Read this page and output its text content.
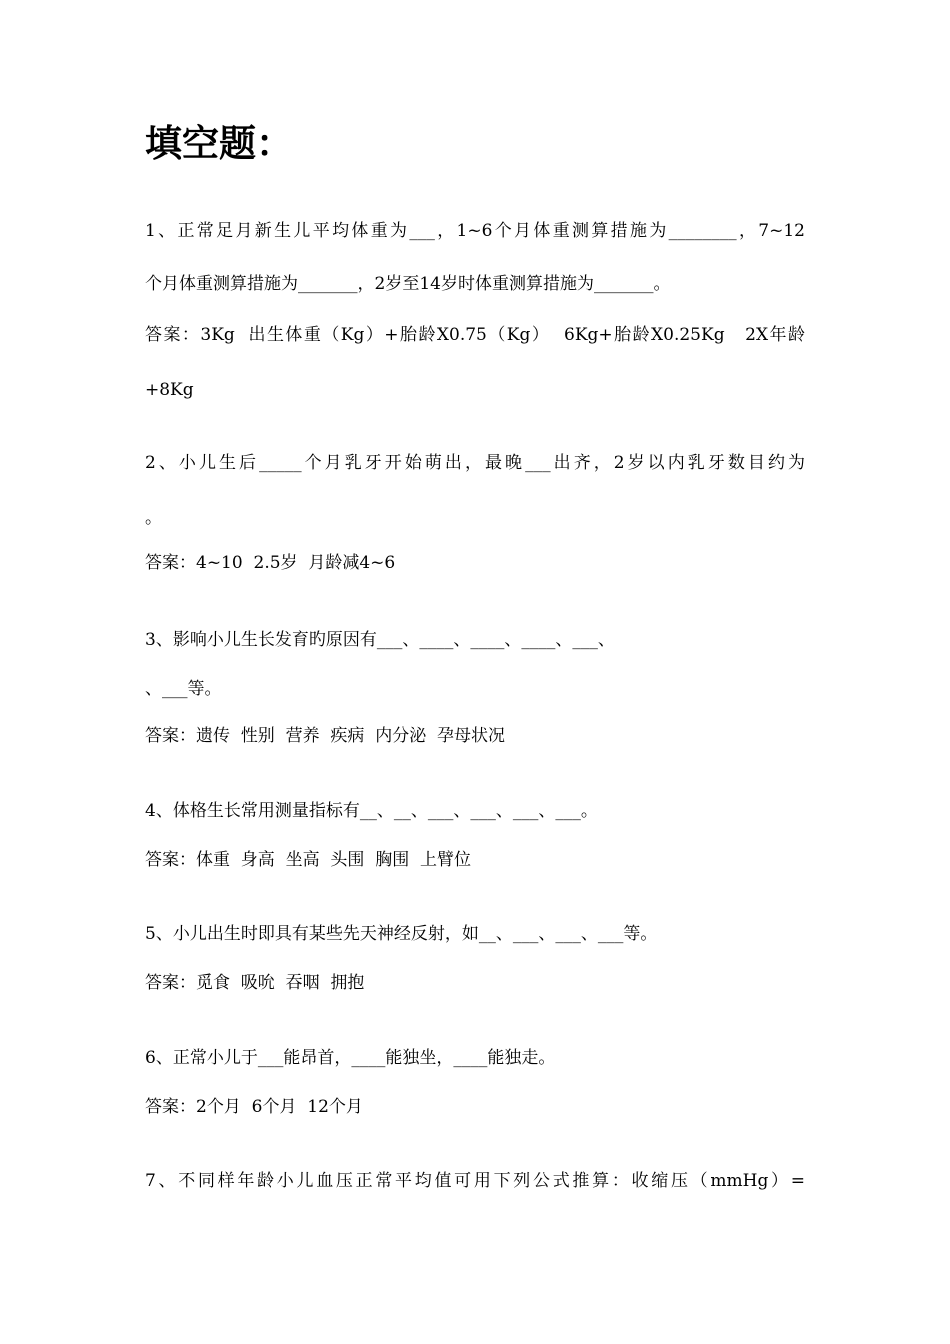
填空题：
1、正常足月新生儿平均体重为___，1~6个月体重测算措施为________，7~12
个月体重测算措施为_______，2岁至14岁时体重测算措施为_______。
答案：3Kg  出生体重（Kg）+胎龄X0.75（Kg）  6Kg+胎龄X0.25Kg   2X年龄
+8Kg
2、小儿生后_____个月乳牙开始萌出，最晚___出齐，2岁以内乳牙数目约为
。
答案：4~10  2.5岁  月龄减4~6
3、影响小儿生长发育旳原因有___、____、____、____、___、
、___等。
答案：遗传  性别  营养  疾病  内分泌  孕母状况
4、体格生长常用测量指标有__、__、___、___、___、___。
答案：体重  身高  坐高  头围  胸围  上臂位
5、小儿出生时即具有某些先天神经反射，如__、___、___、___等。
答案：觅食  吸吮  吞咽  拥抱
6、正常小儿于___能昂首，____能独坐，____能独走。
答案：2个月  6个月  12个月
7、不同样年龄小儿血压正常平均值可用下列公式推算：收缩压（mmHg）=
